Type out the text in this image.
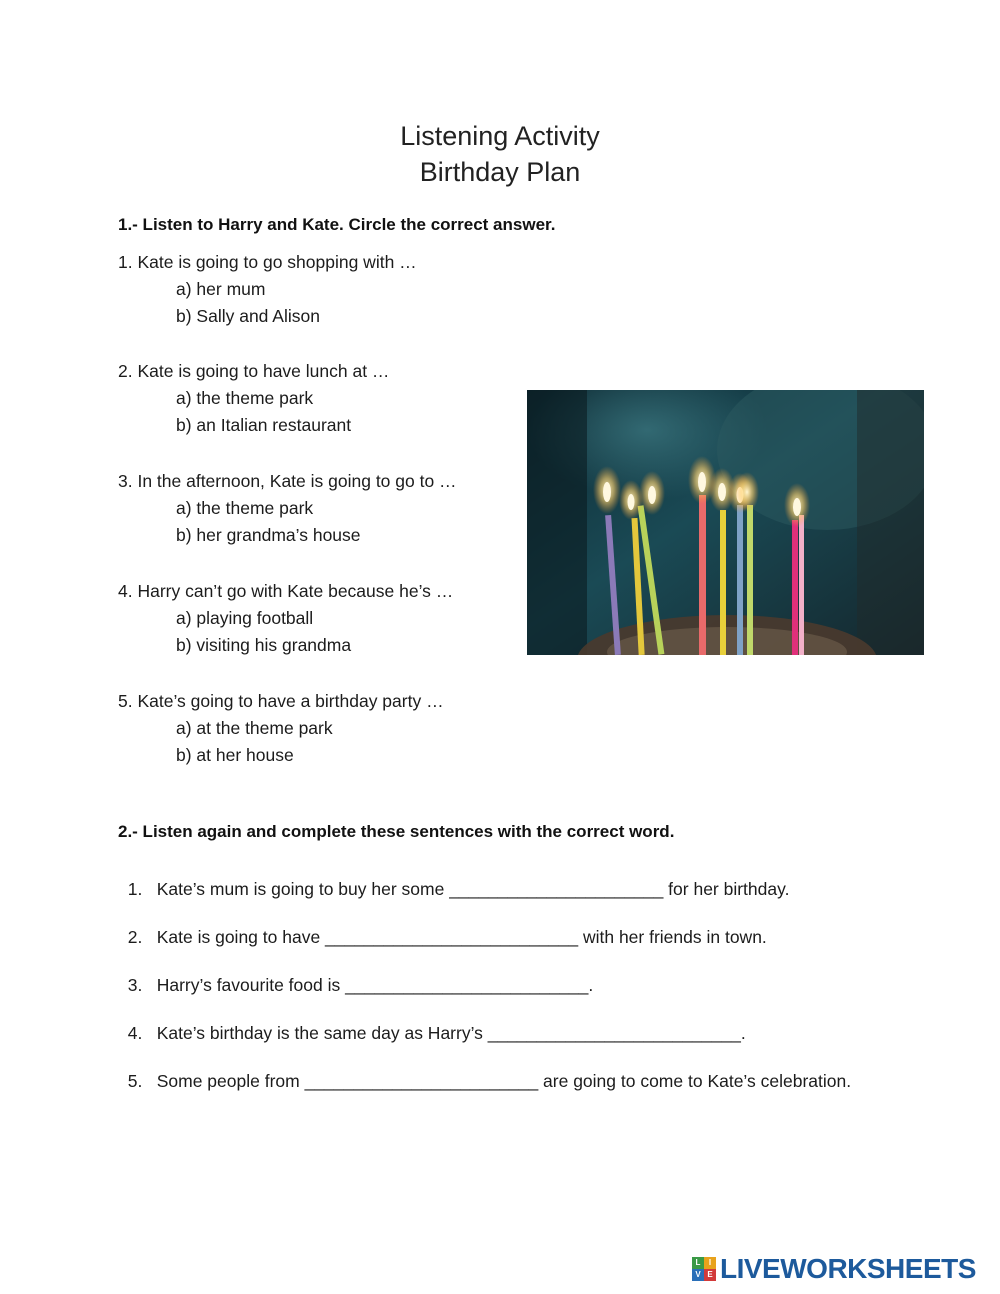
Listening Activity
Birthday Plan
1.- Listen to Harry and Kate. Circle the correct answer.
1. Kate is going to go shopping with …
a) her mum
b) Sally and Alison
2. Kate is going to have lunch at …
a) the theme park
b) an Italian restaurant
3. In the afternoon, Kate is going to go to …
a) the theme park
b) her grandma’s house
4. Harry can’t go with Kate because he’s …
a) playing football
b) visiting his grandma
5. Kate’s going to have a birthday party …
a) at the theme park
b) at her house
2.- Listen again and complete these sentences with the correct word.

1. Kate’s mum is going to buy her some ______________________ for her birthday.

2. Kate is going to have __________________________ with her friends in town.

3. Harry’s favourite food is _________________________.

4. Kate’s birthday is the same day as Harry’s __________________________.

5. Some people from ________________________ are going to come to Kate’s celebration.

L	I
V E LIVEWORKSHEETS
